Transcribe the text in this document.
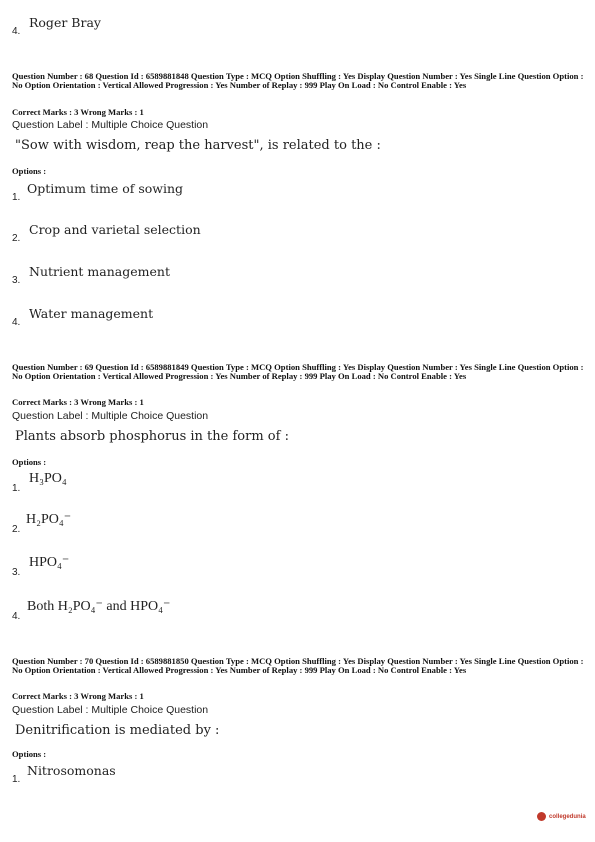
4.
Roger Bray
Question Number : 68 Question Id : 6589881848 Question Type : MCQ Option Shuffling : Yes Display Question Number : Yes Single Line Question Option : No Option Orientation : Vertical Allowed Progression : Yes Number of Replay : 999 Play On Load : No Control Enable : Yes
Correct Marks : 3 Wrong Marks : 1
Question Label : Multiple Choice Question
"Sow with wisdom, reap the harvest", is related to the :
Options :
1.
Optimum time of sowing
2.
Crop and varietal selection
3.
Nutrient management
4.
Water management
Question Number : 69 Question Id : 6589881849 Question Type : MCQ Option Shuffling : Yes Display Question Number : Yes Single Line Question Option : No Option Orientation : Vertical Allowed Progression : Yes Number of Replay : 999 Play On Load : No Control Enable : Yes
Correct Marks : 3 Wrong Marks : 1
Question Label : Multiple Choice Question
Plants absorb phosphorus in the form of :
Options :
1.
H₃PO₄
2.
H₂PO₄⁻
3.
HPO₄⁻
4.
Both H₂PO₄⁻ and HPO₄⁻
Question Number : 70 Question Id : 6589881850 Question Type : MCQ Option Shuffling : Yes Display Question Number : Yes Single Line Question Option : No Option Orientation : Vertical Allowed Progression : Yes Number of Replay : 999 Play On Load : No Control Enable : Yes
Correct Marks : 3 Wrong Marks : 1
Question Label : Multiple Choice Question
Denitrification is mediated by :
Options :
1.
Nitrosomonas
collegedunia
